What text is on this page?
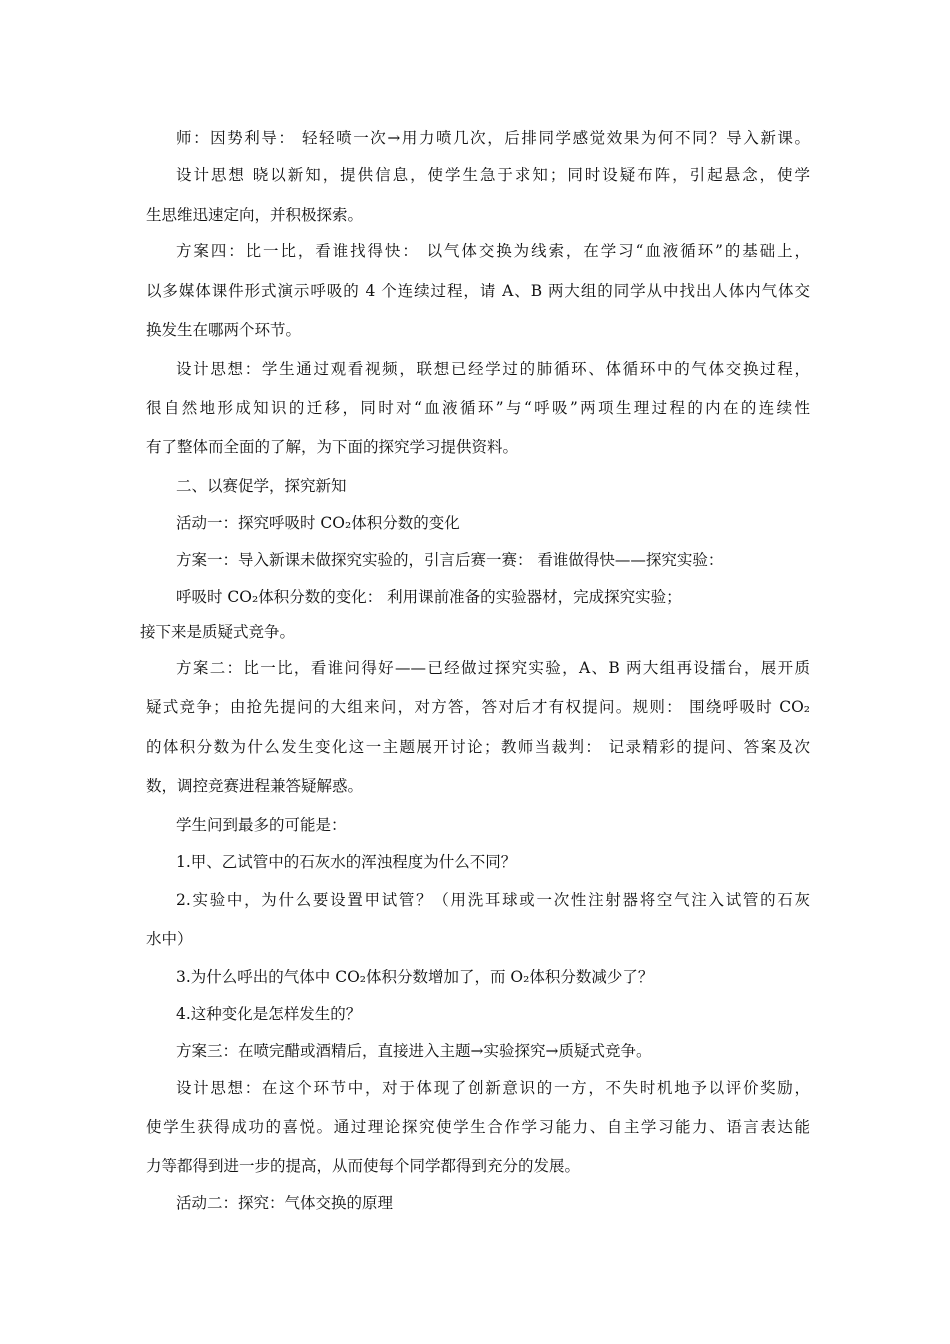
师：因势利导： 轻轻喷一次→用力喷几次，后排同学感觉效果为何不同？导入新课。
设计思想 晓以新知，提供信息，使学生急于求知；同时设疑布阵，引起悬念，使学
生思维迅速定向，并积极探索。
方案四：比一比，看谁找得快： 以气体交换为线索，在学习“血液循环”的基础上，
以多媒体课件形式演示呼吸的 4 个连续过程，请 A、B 两大组的同学从中找出人体内气体交
换发生在哪两个环节。
设计思想：学生通过观看视频，联想已经学过的肺循环、体循环中的气体交换过程，
很自然地形成知识的迁移，同时对“血液循环”与“呼吸”两项生理过程的内在的连续性
有了整体而全面的了解，为下面的探究学习提供资料。
二、以赛促学，探究新知
活动一：探究呼吸时 CO₂体积分数的变化
方案一：导入新课未做探究实验的，引言后赛一赛： 看谁做得快——探究实验：
呼吸时 CO₂体积分数的变化： 利用课前准备的实验器材，完成探究实验；
接下来是质疑式竞争。
方案二：比一比，看谁问得好——已经做过探究实验，A、B 两大组再设擂台，展开质
疑式竞争；由抢先提问的大组来问，对方答，答对后才有权提问。规则： 围绕呼吸时 CO₂
的体积分数为什么发生变化这一主题展开讨论；教师当裁判： 记录精彩的提问、答案及次
数，调控竞赛进程兼答疑解惑。
学生问到最多的可能是：
1.甲、乙试管中的石灰水的浑浊程度为什么不同？
2.实验中，为什么要设置甲试管？（用洗耳球或一次性注射器将空气注入试管的石灰
水中）
3.为什么呼出的气体中 CO₂体积分数增加了，而 O₂体积分数减少了？
4.这种变化是怎样发生的？
方案三：在喷完醋或酒精后，直接进入主题→实验探究→质疑式竞争。
设计思想：在这个环节中，对于体现了创新意识的一方，不失时机地予以评价奖励，
使学生获得成功的喜悦。通过理论探究使学生合作学习能力、自主学习能力、语言表达能
力等都得到进一步的提高，从而使每个同学都得到充分的发展。
活动二：探究：气体交换的原理
